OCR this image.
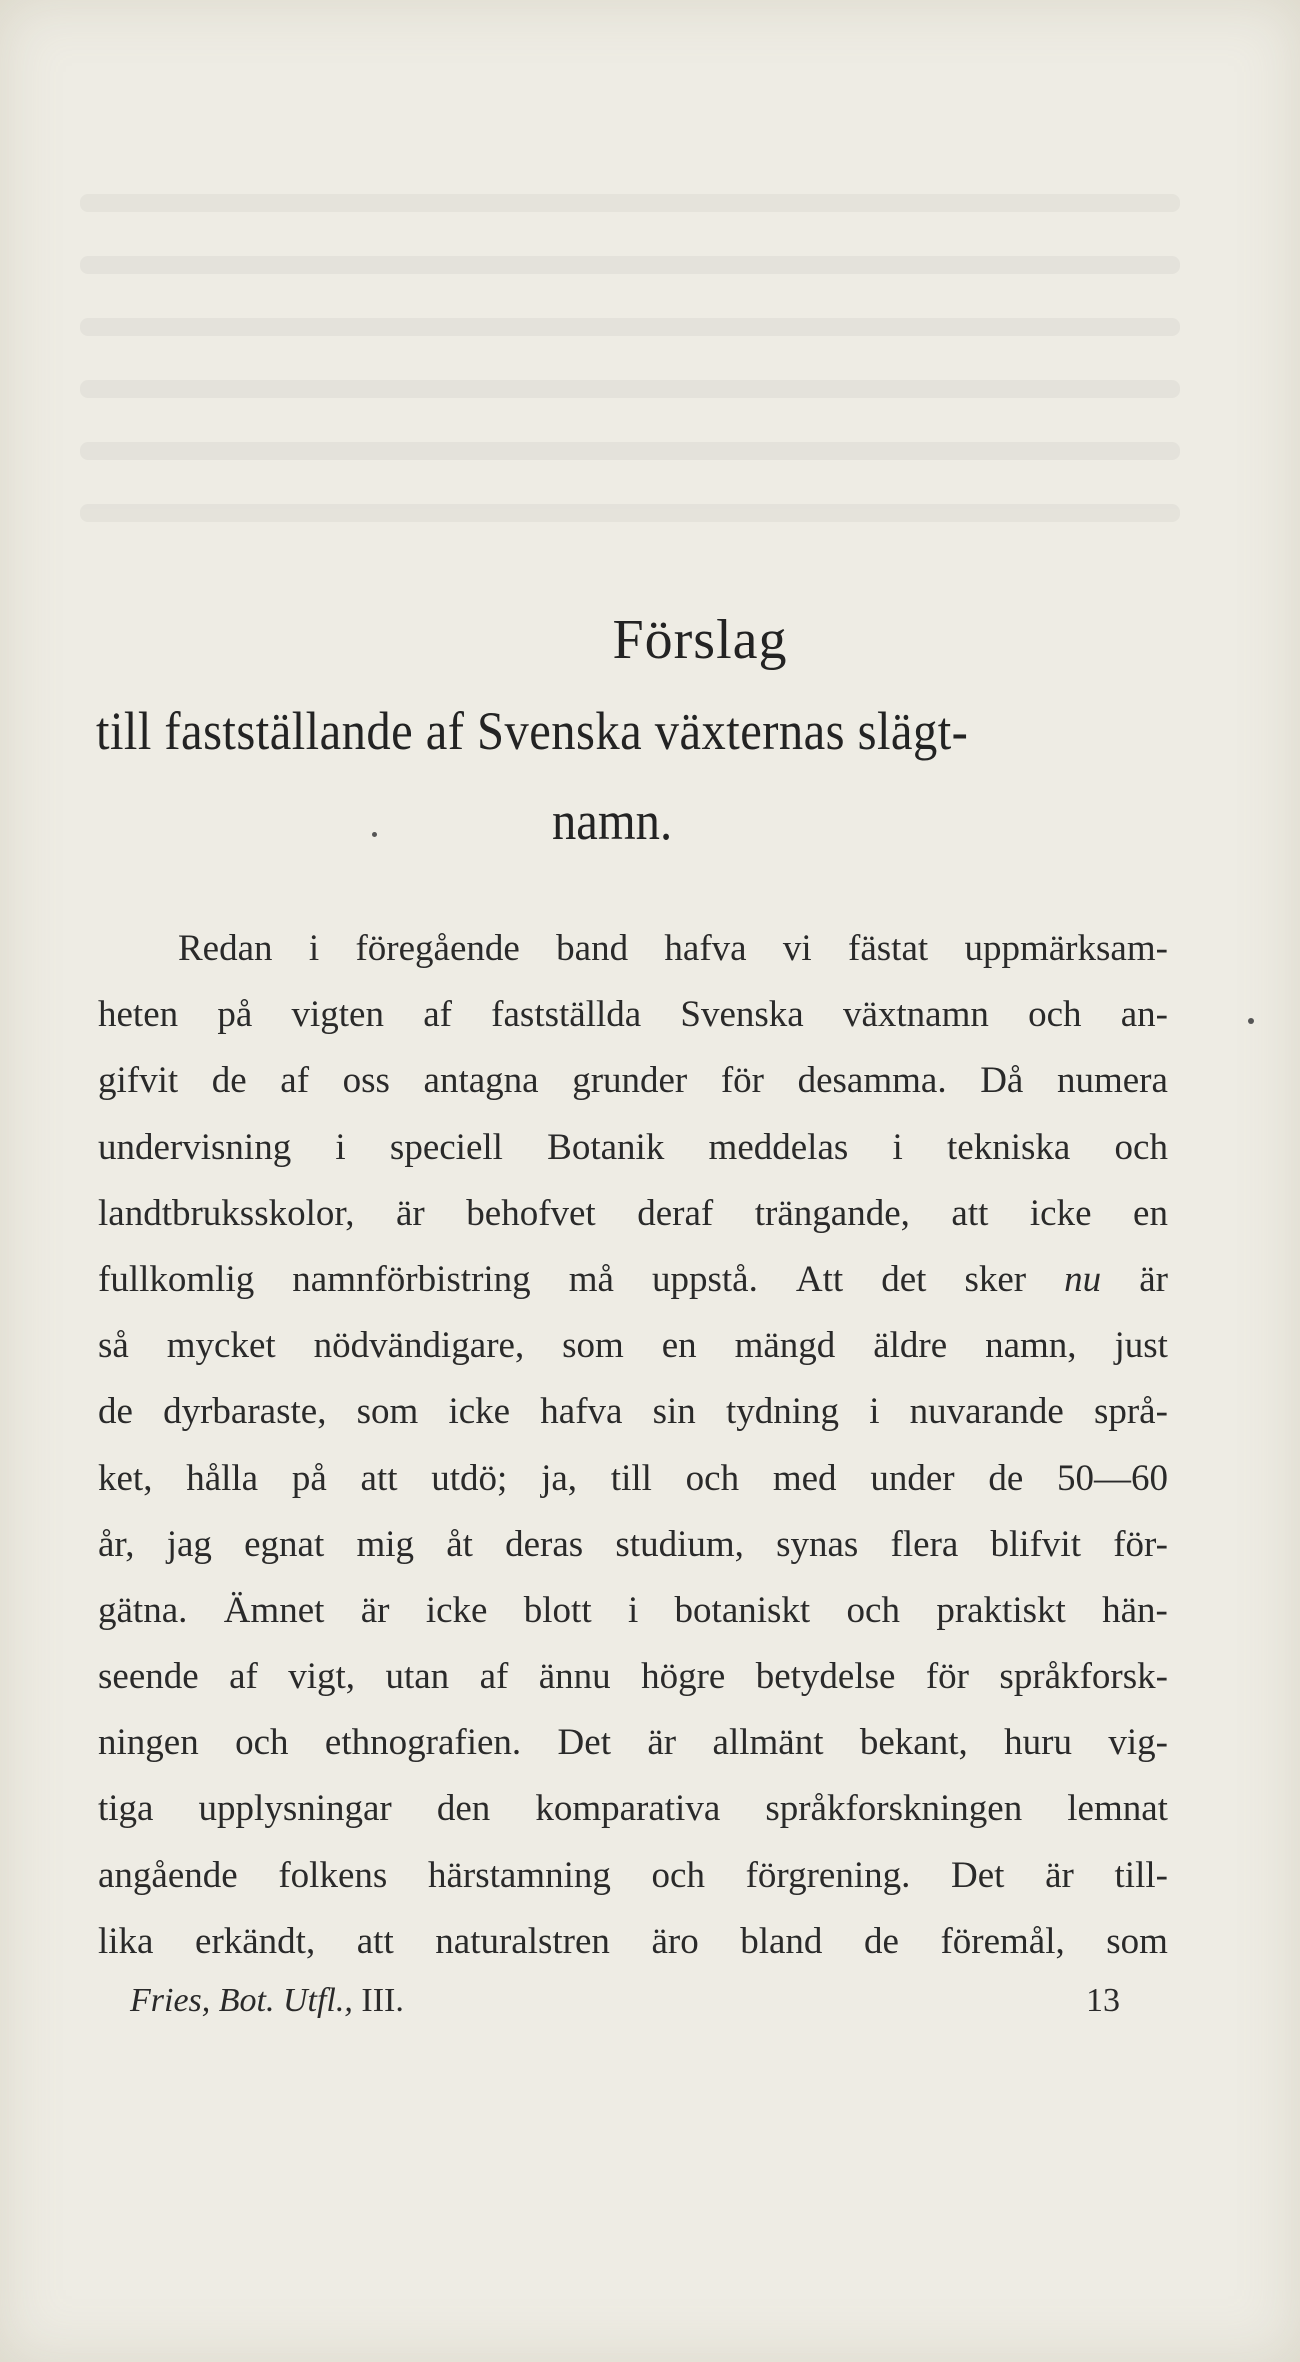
Förslag
till fastställande af Svenska växternas slägt-
namn.
Redan i föregående band hafva vi fästat uppmärksam-
heten på vigten af fastställda Svenska växtnamn och an-
gifvit de af oss antagna grunder för desamma. Då numera
undervisning i speciell Botanik meddelas i tekniska och
landtbruksskolor, är behofvet deraf trängande, att icke en
fullkomlig namnförbistring må uppstå. Att det sker nu är
så mycket nödvändigare, som en mängd äldre namn, just
de dyrbaraste, som icke hafva sin tydning i nuvarande språ-
ket, hålla på att utdö; ja, till och med under de 50—60
år, jag egnat mig åt deras studium, synas flera blifvit för-
gätna. Ämnet är icke blott i botaniskt och praktiskt hän-
seende af vigt, utan af ännu högre betydelse för språkforsk-
ningen och ethnografien. Det är allmänt bekant, huru vig-
tiga upplysningar den komparativa språkforskningen lemnat
angående folkens härstamning och förgrening. Det är till-
lika erkändt, att naturalstren äro bland de föremål, som
Fries, Bot. Utfl., III.	13
